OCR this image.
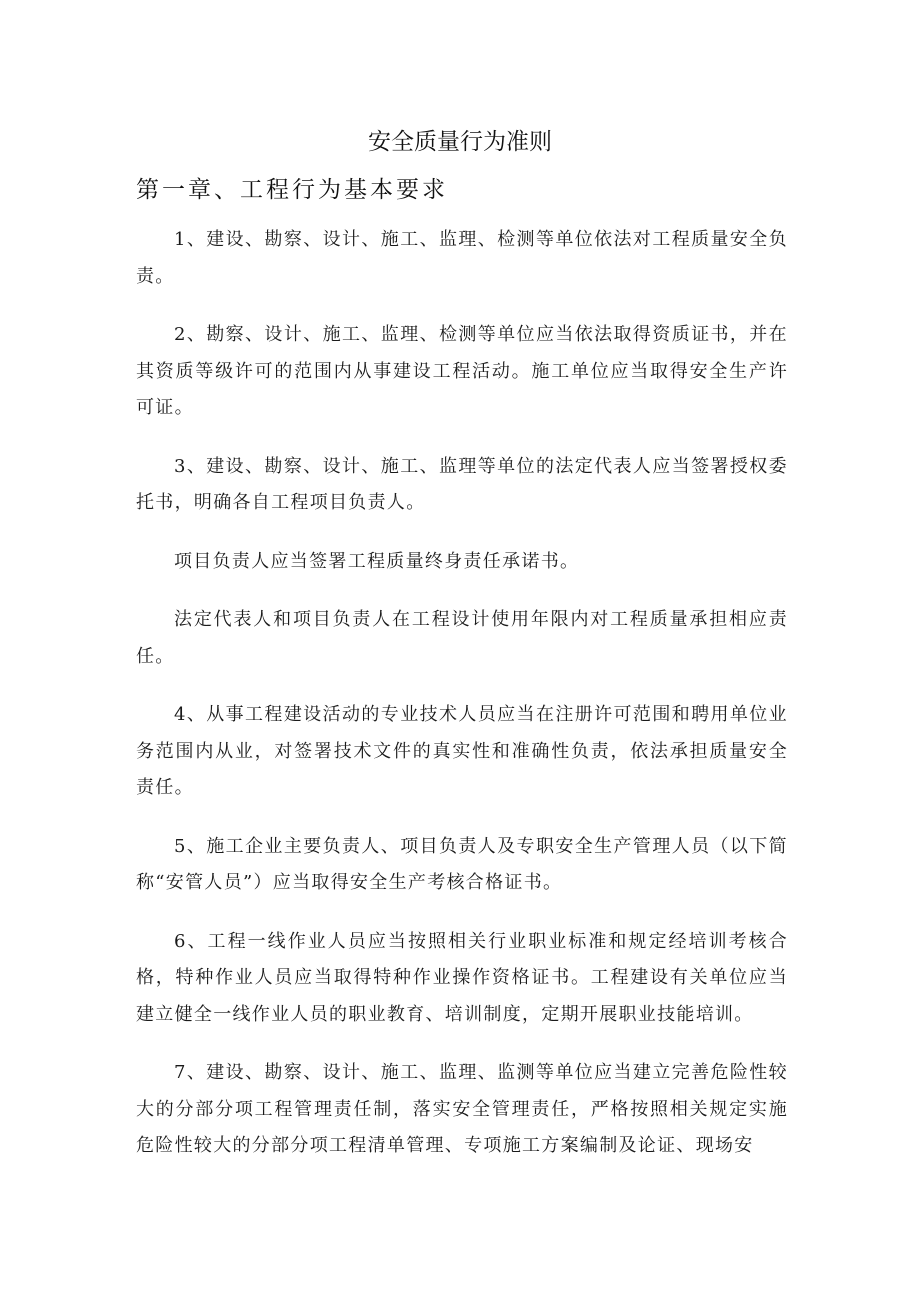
安全质量行为准则
第一章、工程行为基本要求

1、建设、勘察、设计、施工、监理、检测等单位依法对工程质量安全负责。

2、勘察、设计、施工、监理、检测等单位应当依法取得资质证书，并在其资质等级许可的范围内从事建设工程活动。施工单位应当取得安全生产许可证。

3、建设、勘察、设计、施工、监理等单位的法定代表人应当签署授权委托书，明确各自工程项目负责人。

项目负责人应当签署工程质量终身责任承诺书。

法定代表人和项目负责人在工程设计使用年限内对工程质量承担相应责任。

4、从事工程建设活动的专业技术人员应当在注册许可范围和聘用单位业务范围内从业，对签署技术文件的真实性和准确性负责，依法承担质量安全责任。

5、施工企业主要负责人、项目负责人及专职安全生产管理人员（以下简称“安管人员”）应当取得安全生产考核合格证书。

6、工程一线作业人员应当按照相关行业职业标准和规定经培训考核合格，特种作业人员应当取得特种作业操作资格证书。工程建设有关单位应当建立健全一线作业人员的职业教育、培训制度，定期开展职业技能培训。

7、建设、勘察、设计、施工、监理、监测等单位应当建立完善危险性较大的分部分项工程管理责任制，落实安全管理责任，严格按照相关规定实施危险性较大的分部分项工程清单管理、专项施工方案编制及论证、现场安
